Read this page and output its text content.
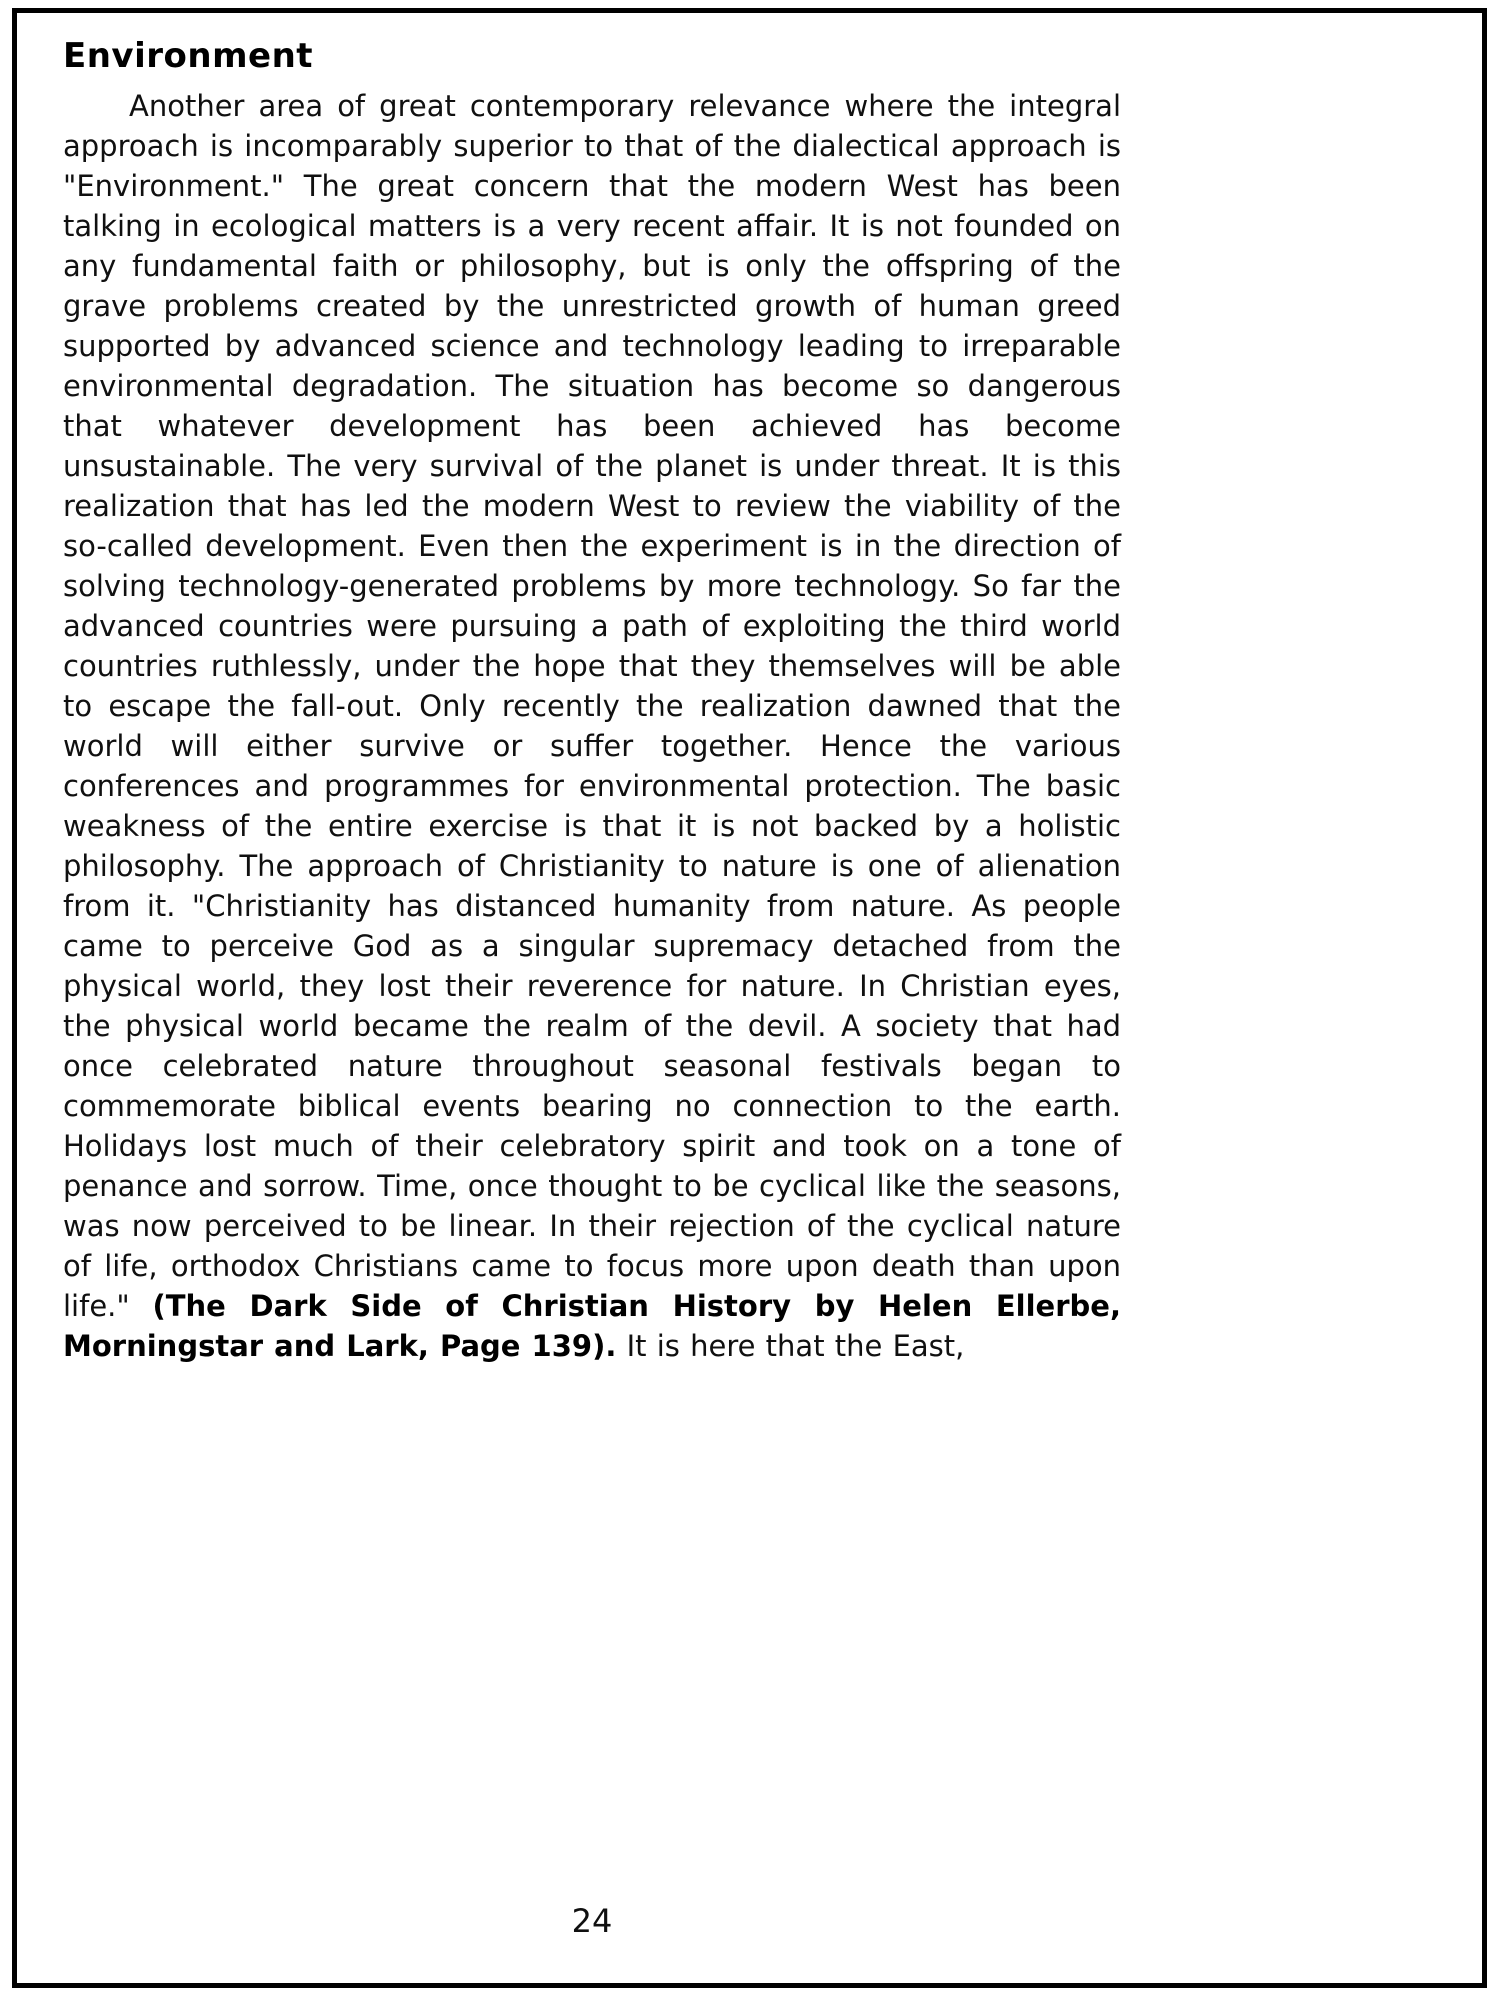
Environment

Another area of great contemporary relevance where the integral approach is incomparably superior to that of the dialectical approach is "Environment." The great concern that the modern West has been talking in ecological matters is a very recent affair. It is not founded on any fundamental faith or philosophy, but is only the offspring of the grave problems created by the unrestricted growth of human greed supported by advanced science and technology leading to irreparable environmental degradation. The situation has become so dangerous that whatever development has been achieved has become unsustainable. The very survival of the planet is under threat. It is this realization that has led the modern West to review the viability of the so-called development. Even then the experiment is in the direction of solving technology-generated problems by more technology. So far the advanced countries were pursuing a path of exploiting the third world countries ruthlessly, under the hope that they themselves will be able to escape the fall-out. Only recently the realization dawned that the world will either survive or suffer together. Hence the various conferences and programmes for environmental protection. The basic weakness of the entire exercise is that it is not backed by a holistic philosophy. The approach of Christianity to nature is one of alienation from it. "Christianity has distanced humanity from nature. As people came to perceive God as a singular supremacy detached from the physical world, they lost their reverence for nature. In Christian eyes, the physical world became the realm of the devil. A society that had once celebrated nature throughout seasonal festivals began to commemorate biblical events bearing no connection to the earth. Holidays lost much of their celebratory spirit and took on a tone of penance and sorrow. Time, once thought to be cyclical like the seasons, was now perceived to be linear. In their rejection of the cyclical nature of life, orthodox Christians came to focus more upon death than upon life." (The Dark Side of Christian History by Helen Ellerbe, Morningstar and Lark, Page 139). It is here that the East,

24
